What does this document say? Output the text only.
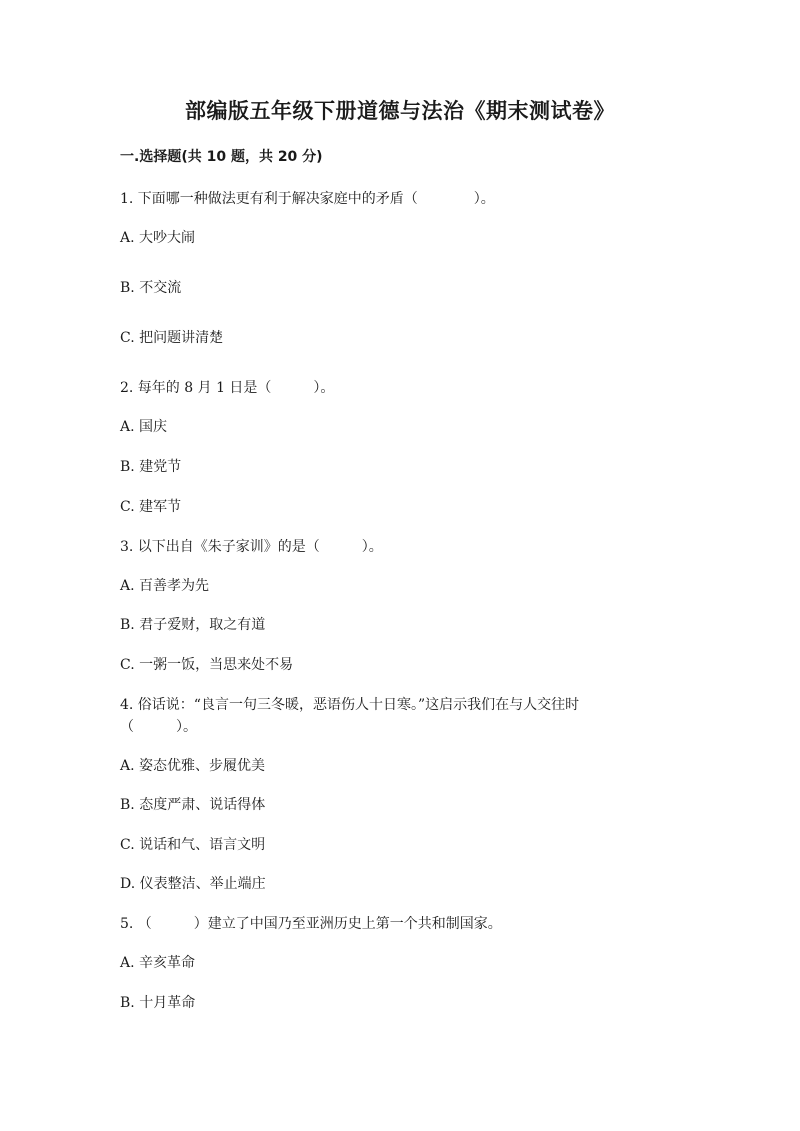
部编版五年级下册道德与法治《期末测试卷》
一.选择题(共 10 题，共 20 分)
1. 下面哪一种做法更有利于解决家庭中的矛盾（　　　　）。
A. 大吵大闹
B. 不交流
C. 把问题讲清楚
2. 每年的 8 月 1 日是（　　　）。
A. 国庆
B. 建党节
C. 建军节
3. 以下出自《朱子家训》的是（　　　）。
A. 百善孝为先
B. 君子爱财，取之有道
C. 一粥一饭，当思来处不易
4. 俗话说：“良言一句三冬暖，恶语伤人十日寒。”这启示我们在与人交往时
（　　　）。
A. 姿态优雅、步履优美
B. 态度严肃、说话得体
C. 说话和气、语言文明
D. 仪表整洁、举止端庄
5. （　　　）建立了中国乃至亚洲历史上第一个共和制国家。
A. 辛亥革命
B. 十月革命
